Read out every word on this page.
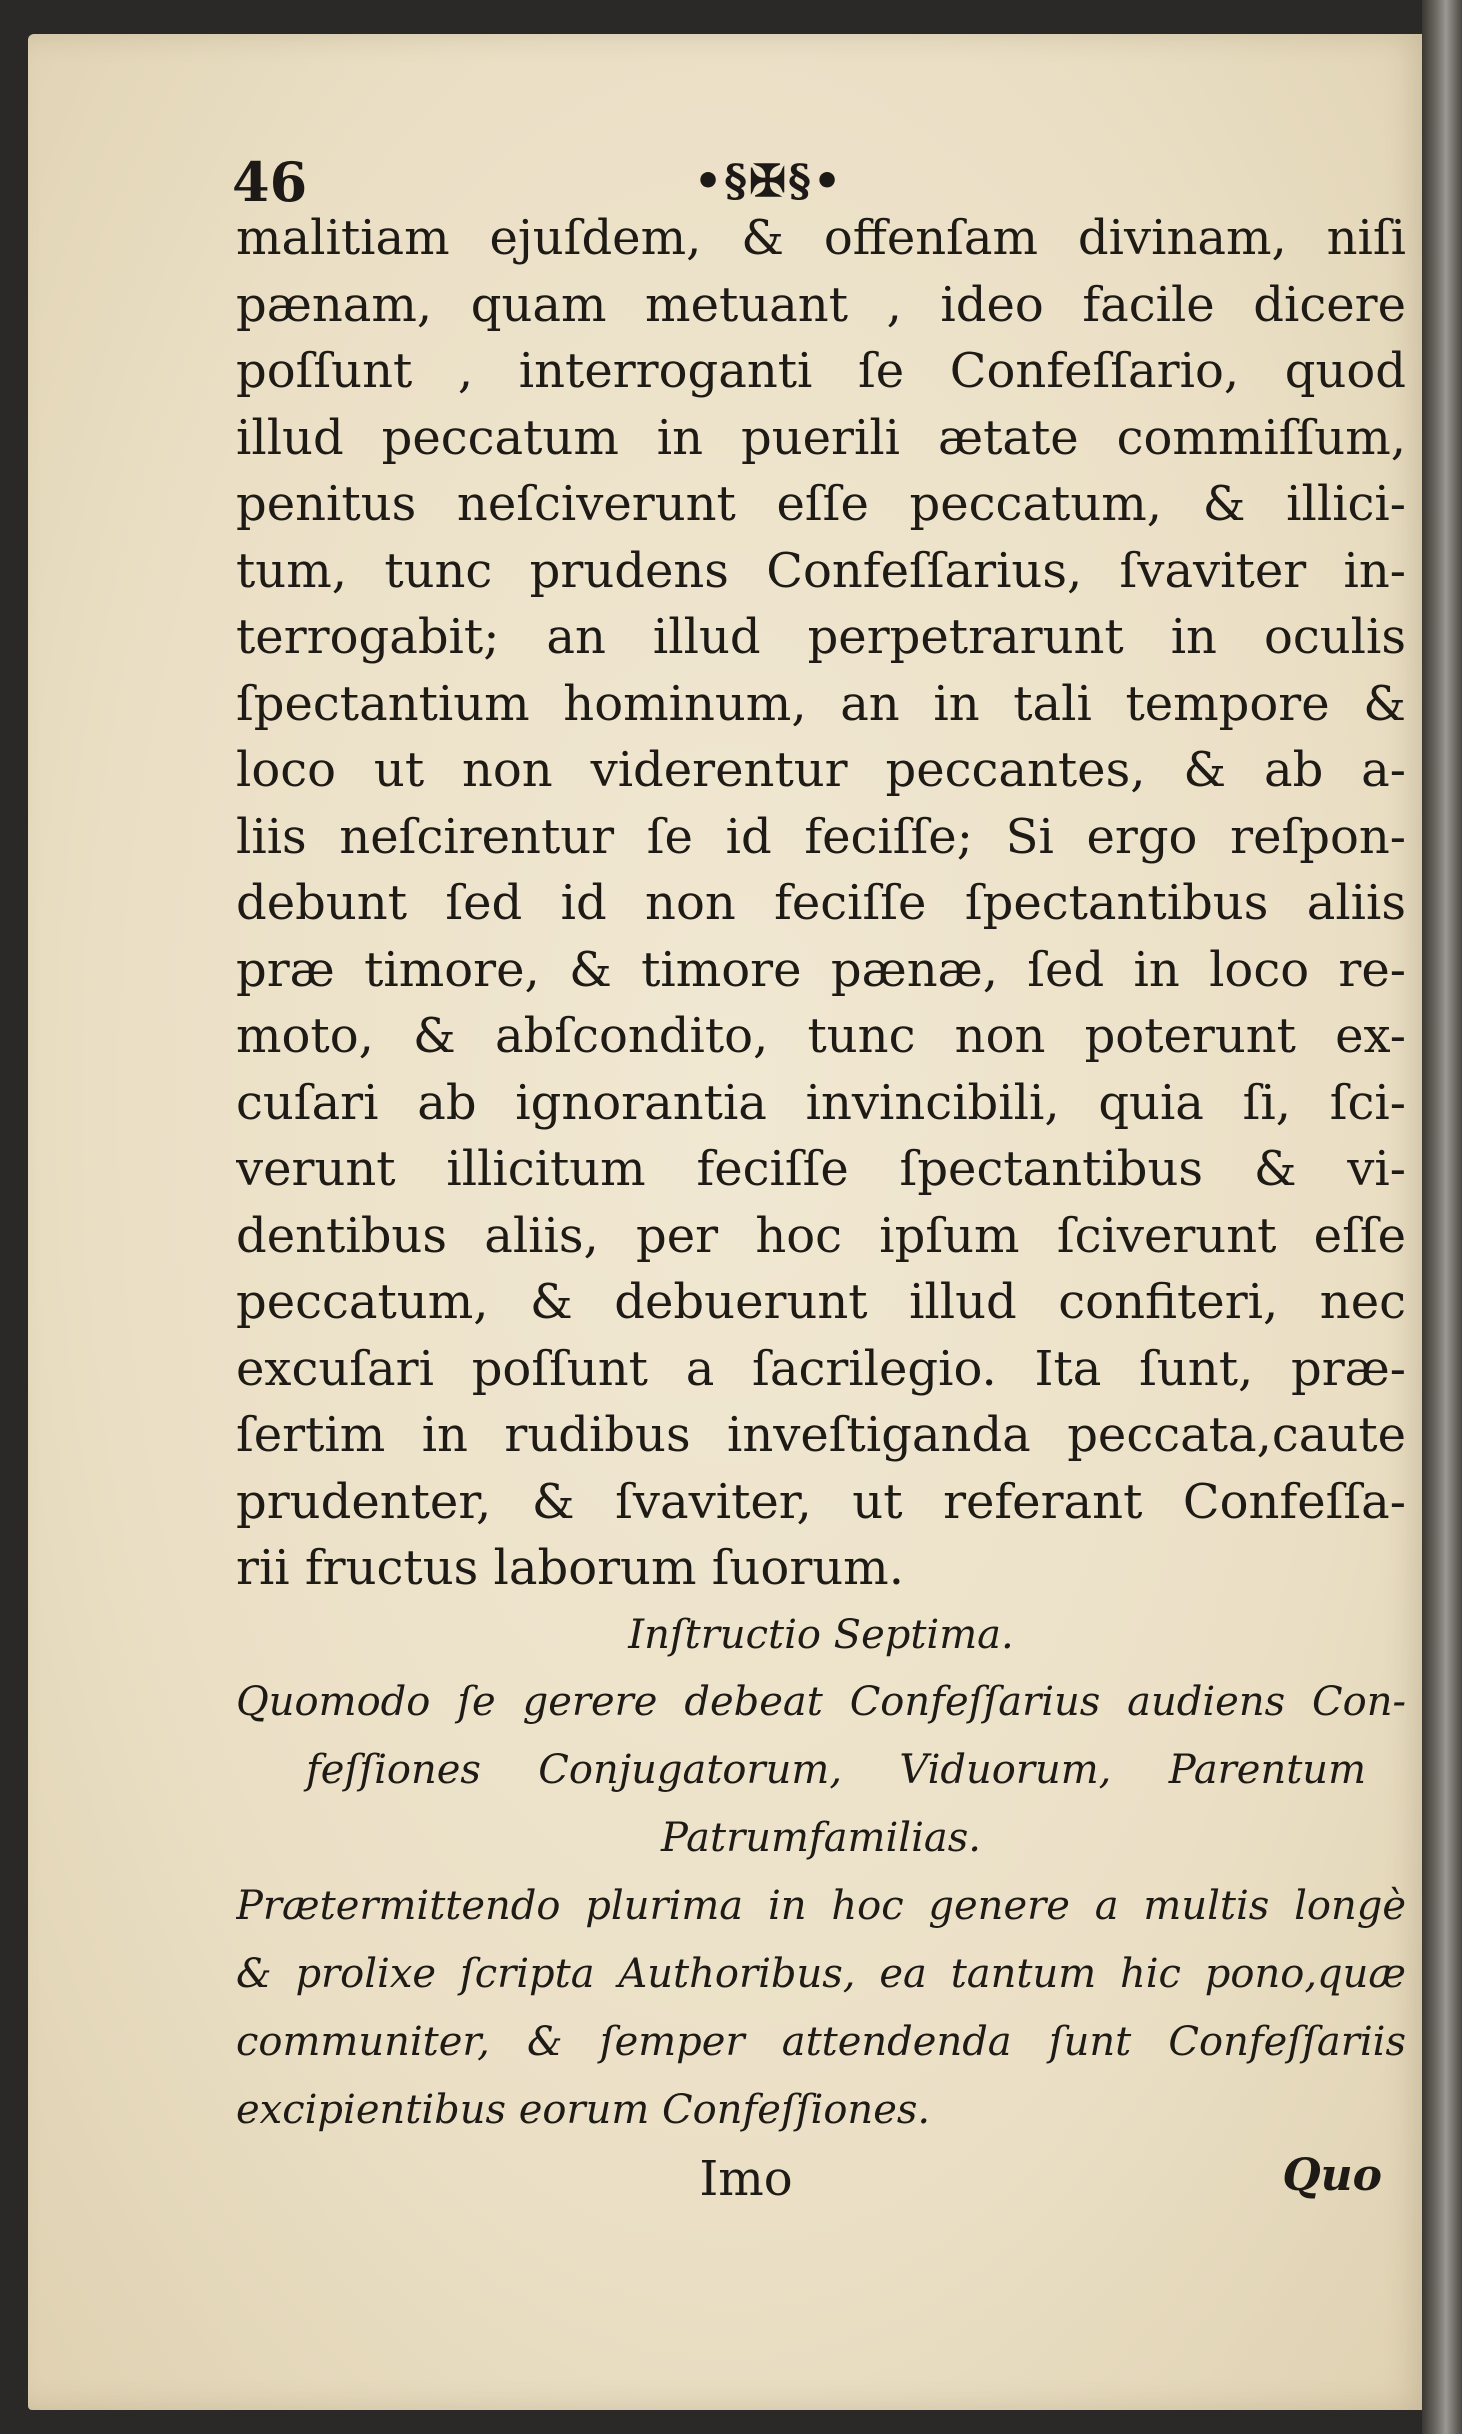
46	•§✠§•
malitiam ejuſdem, & offenſam divinam, niſi
pænam, quam metuant , ideo facile dicere
poſſunt , interroganti ſe Confeſſario, quod
illud peccatum in puerili ætate commiſſum,
penitus neſciverunt eſſe peccatum, & illici-
tum, tunc prudens Confeſſarius, ſvaviter in-
terrogabit; an illud perpetrarunt in oculis
ſpectantium hominum, an in tali tempore &
loco ut non viderentur peccantes, & ab a-
liis neſcirentur ſe id feciſſe; Si ergo reſpon-
debunt ſed id non feciſſe ſpectantibus aliis
præ timore, & timore pænæ, ſed in loco re-
moto, & abſcondito, tunc non poterunt ex-
cuſari ab ignorantia invincibili, quia ſi, ſci-
verunt illicitum feciſſe ſpectantibus & vi-
dentibus aliis, per hoc ipſum ſciverunt eſſe
peccatum, & debuerunt illud confiteri, nec
excuſari poſſunt a ſacrilegio. Ita ſunt, præ-
ſertim in rudibus inveſtiganda peccata,caute
prudenter, & ſvaviter, ut referant Confeſſa-
rii fructus laborum ſuorum.
Inſtructio Septima.
Quomodo ſe gerere debeat Confeſſarius audiens Con-
feſſiones Conjugatorum, Viduorum, Parentum
Patrumfamilias.
Prætermittendo plurima in hoc genere a multis longè
& prolixe ſcripta Authoribus, ea tantum hic pono,quæ
communiter, & ſemper attendenda ſunt Confeſſariis
excipientibus eorum Confeſſiones.
Imo	Quo
